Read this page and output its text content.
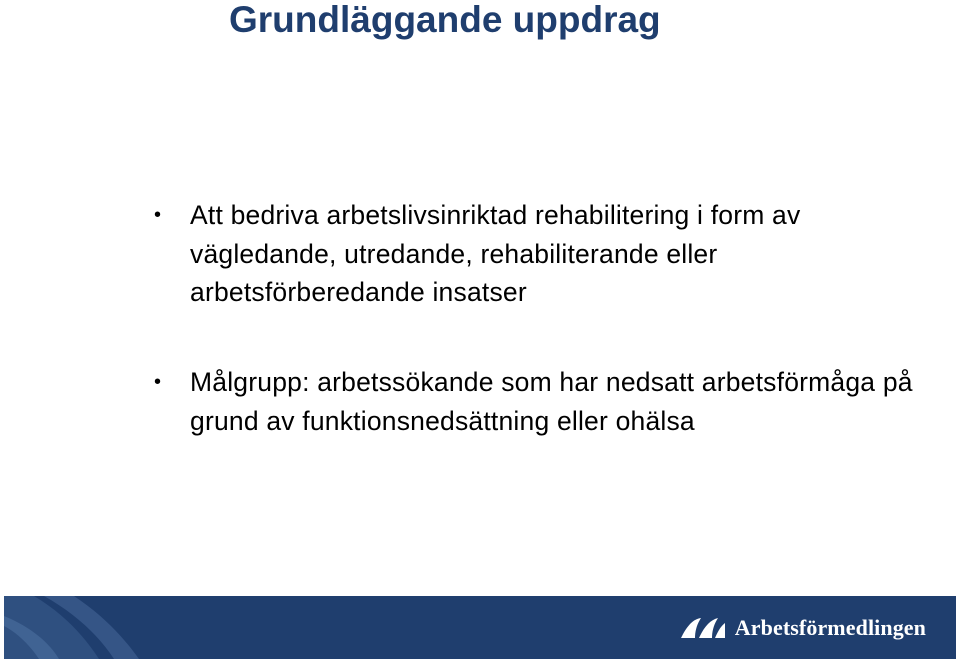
Grundläggande uppdrag
• Att bedriva arbetslivsinriktad rehabilitering i form av vägledande, utredande, rehabiliterande eller arbetsförberedande insatser
• Målgrupp: arbetssökande som har nedsatt arbetsförmåga på grund av funktionsnedsättning eller ohälsa
Arbetsförmedlingen
